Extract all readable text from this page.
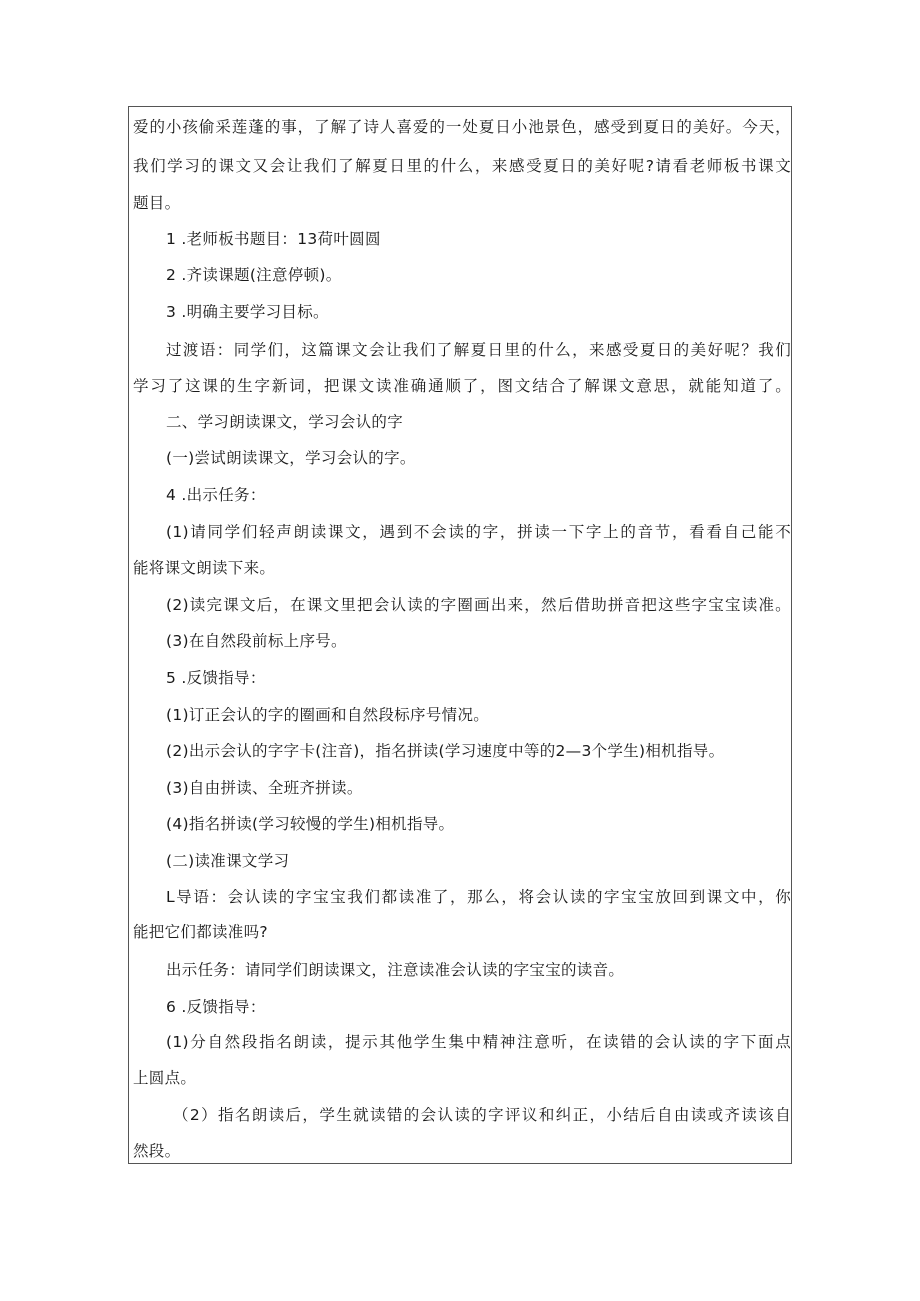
爱的小孩偷采莲蓬的事，了解了诗人喜爱的一处夏日小池景色，感受到夏日的美好。今天，
我们学习的课文又会让我们了解夏日里的什么，来感受夏日的美好呢?请看老师板书课文
题目。
1 .老师板书题目：13荷叶圆圆
2 .齐读课题(注意停顿)。
3 .明确主要学习目标。
过渡语：同学们，这篇课文会让我们了解夏日里的什么，来感受夏日的美好呢？我们
学习了这课的生字新词，把课文读准确通顺了，图文结合了解课文意思，就能知道了。
二、学习朗读课文，学习会认的字
(一)尝试朗读课文，学习会认的字。
4 .出示任务：
(1)请同学们轻声朗读课文，遇到不会读的字，拼读一下字上的音节，看看自己能不
能将课文朗读下来。
(2)读完课文后，在课文里把会认读的字圈画出来，然后借助拼音把这些字宝宝读准。
(3)在自然段前标上序号。
5 .反馈指导：
(1)订正会认的字的圈画和自然段标序号情况。
(2)出示会认的字字卡(注音)，指名拼读(学习速度中等的2—3个学生)相机指导。
(3)自由拼读、全班齐拼读。
(4)指名拼读(学习较慢的学生)相机指导。
(二)读准课文学习
L导语：会认读的字宝宝我们都读准了，那么，将会认读的字宝宝放回到课文中，你
能把它们都读准吗?
出示任务：请同学们朗读课文，注意读准会认读的字宝宝的读音。
6 .反馈指导：
(1)分自然段指名朗读，提示其他学生集中精神注意听，在读错的会认读的字下面点
上圆点。
（2）指名朗读后，学生就读错的会认读的字评议和纠正，小结后自由读或齐读该自
然段。
